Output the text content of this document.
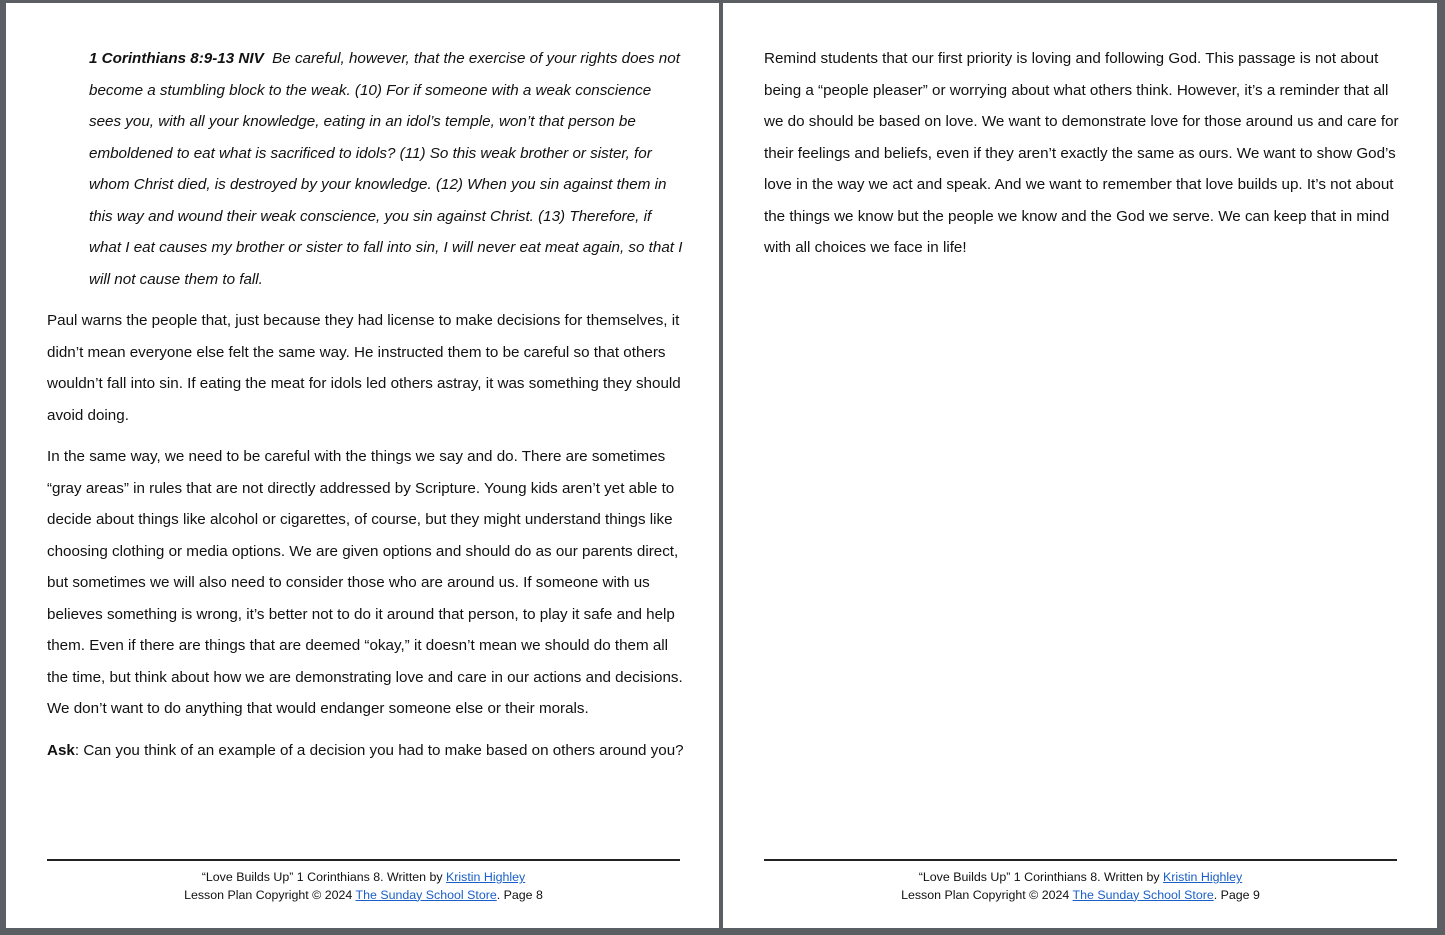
1 Corinthians 8:9-13 NIV Be careful, however, that the exercise of your rights does not become a stumbling block to the weak. (10) For if someone with a weak conscience sees you, with all your knowledge, eating in an idol’s temple, won’t that person be emboldened to eat what is sacrificed to idols? (11) So this weak brother or sister, for whom Christ died, is destroyed by your knowledge. (12) When you sin against them in this way and wound their weak conscience, you sin against Christ. (13) Therefore, if what I eat causes my brother or sister to fall into sin, I will never eat meat again, so that I will not cause them to fall.

Paul warns the people that, just because they had license to make decisions for themselves, it didn’t mean everyone else felt the same way. He instructed them to be careful so that others wouldn’t fall into sin. If eating the meat for idols led others astray, it was something they should avoid doing.

In the same way, we need to be careful with the things we say and do. There are sometimes “gray areas” in rules that are not directly addressed by Scripture. Young kids aren’t yet able to decide about things like alcohol or cigarettes, of course, but they might understand things like choosing clothing or media options. We are given options and should do as our parents direct, but sometimes we will also need to consider those who are around us. If someone with us believes something is wrong, it’s better not to do it around that person, to play it safe and help them. Even if there are things that are deemed “okay,” it doesn’t mean we should do them all the time, but think about how we are demonstrating love and care in our actions and decisions. We don’t want to do anything that would endanger someone else or their morals.

Ask: Can you think of an example of a decision you had to make based on others around you?

“Love Builds Up” 1 Corinthians 8. Written by Kristin Highley
Lesson Plan Copyright © 2024 The Sunday School Store. Page 8

Remind students that our first priority is loving and following God. This passage is not about being a “people pleaser” or worrying about what others think. However, it’s a reminder that all we do should be based on love. We want to demonstrate love for those around us and care for their feelings and beliefs, even if they aren’t exactly the same as ours. We want to show God’s love in the way we act and speak. And we want to remember that love builds up. It’s not about the things we know but the people we know and the God we serve. We can keep that in mind with all choices we face in life!

“Love Builds Up” 1 Corinthians 8. Written by Kristin Highley
Lesson Plan Copyright © 2024 The Sunday School Store. Page 9
